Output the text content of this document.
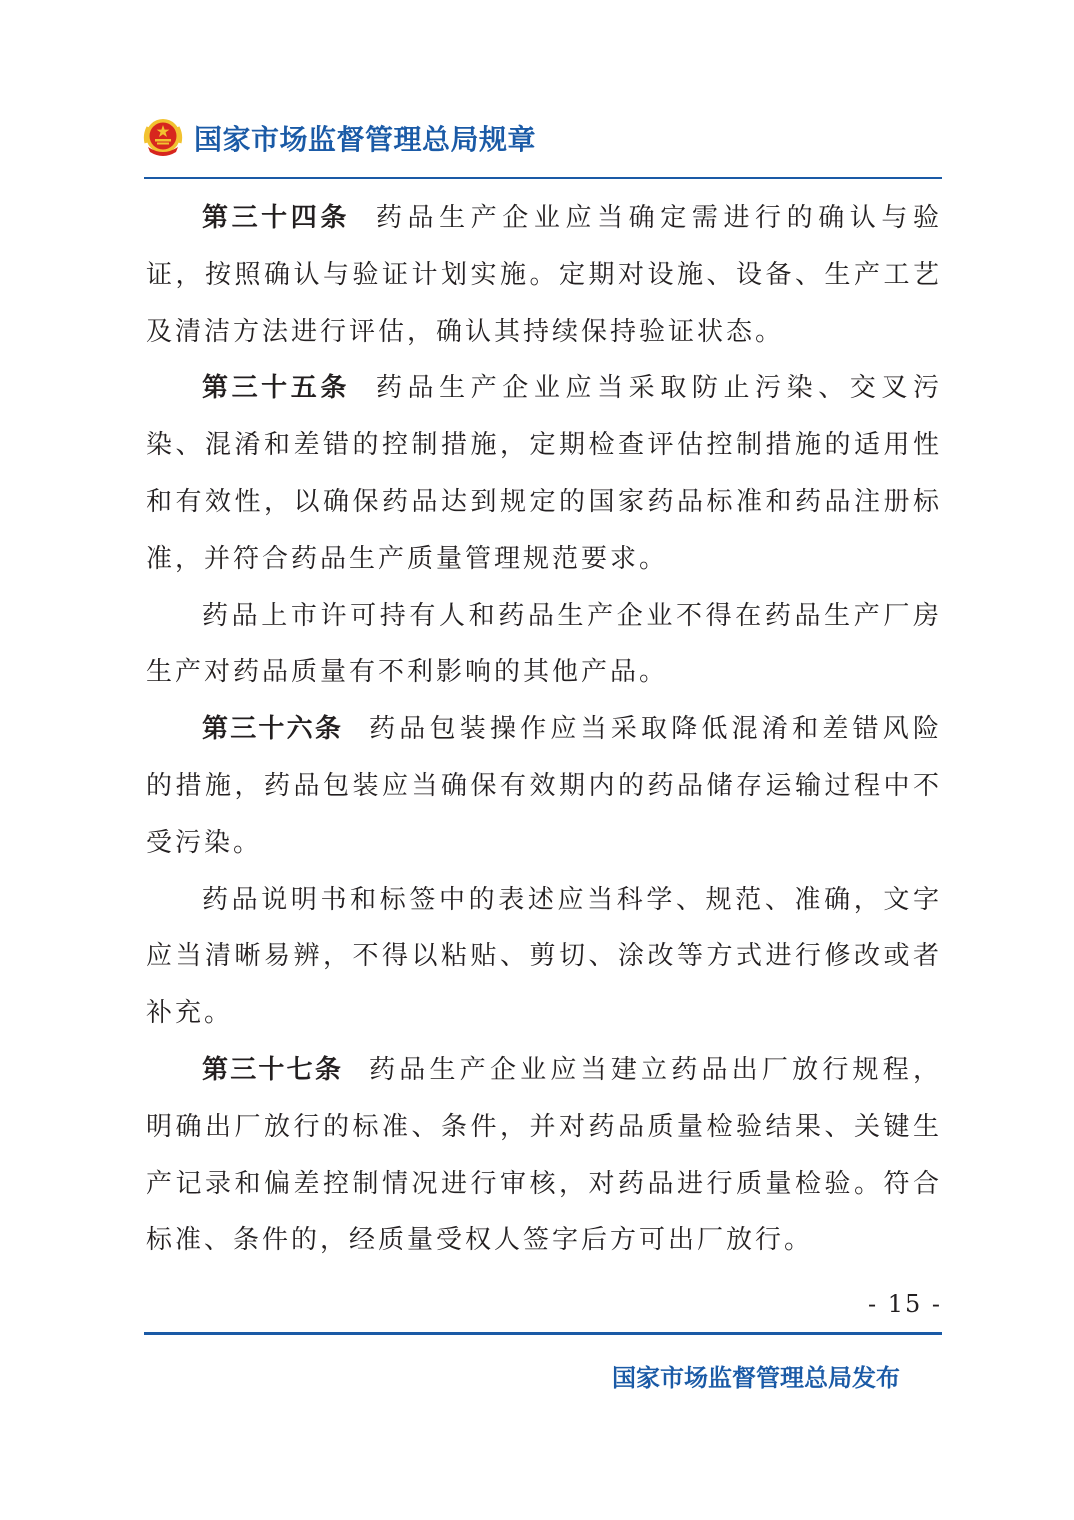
国家市场监督管理总局规章

第三十四条 药品生产企业应当确定需进行的确认与验证，按照确认与验证计划实施。定期对设施、设备、生产工艺及清洁方法进行评估，确认其持续保持验证状态。

第三十五条 药品生产企业应当采取防止污染、交叉污染、混淆和差错的控制措施，定期检查评估控制措施的适用性和有效性，以确保药品达到规定的国家药品标准和药品注册标准，并符合药品生产质量管理规范要求。

药品上市许可持有人和药品生产企业不得在药品生产厂房生产对药品质量有不利影响的其他产品。

第三十六条 药品包装操作应当采取降低混淆和差错风险的措施，药品包装应当确保有效期内的药品储存运输过程中不受污染。

药品说明书和标签中的表述应当科学、规范、准确，文字应当清晰易辨，不得以粘贴、剪切、涂改等方式进行修改或者补充。

第三十七条 药品生产企业应当建立药品出厂放行规程，明确出厂放行的标准、条件，并对药品质量检验结果、关键生产记录和偏差控制情况进行审核，对药品进行质量检验。符合标准、条件的，经质量受权人签字后方可出厂放行。

- 15 -
国家市场监督管理总局发布
